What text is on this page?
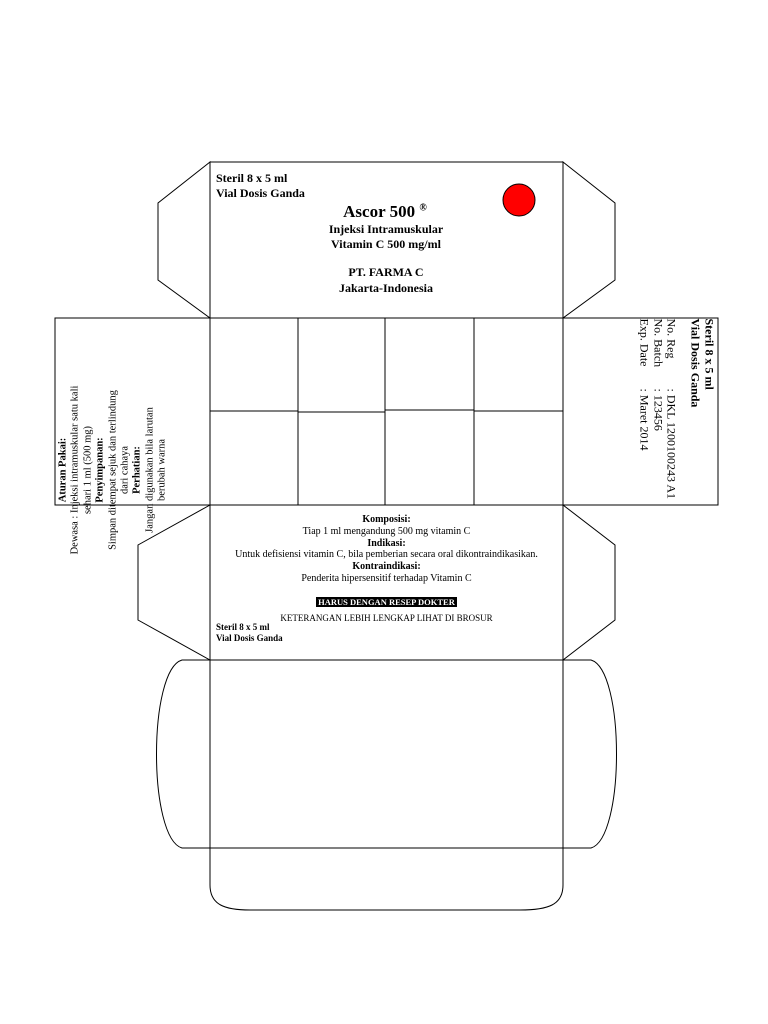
Steril 8 x 5 ml
Vial Dosis Ganda
Ascor 500 ®
Injeksi Intramuskular
Vitamin C 500 mg/ml
PT. FARMA C
Jakarta-Indonesia
Aturan Pakai: Dewasa : Injeksi intramuskular satu kali sehari 1 ml (500 mg) Penyimpanan: Simpan ditempat sejuk dan terlindung dari cahaya Perhatian: Jangan digunakan bila larutan berubah warna
Steril 8 x 5 ml
Vial Dosis Ganda
No. Reg: DKL 1200100243 A1
No. Batch: 123456
Exp. Date: Maret 2014
Komposisi:
Tiap 1 ml mengandung 500 mg vitamin C
Indikasi:
Untuk defisiensi vitamin C, bila pemberian secara oral dikontraindikasikan.
Kontraindikasi:
Penderita hipersensitif terhadap Vitamin C
HARUS DENGAN RESEP DOKTER
KETERANGAN LEBIH LENGKAP LIHAT DI BROSUR
Steril 8 x 5 ml
Vial Dosis Ganda
